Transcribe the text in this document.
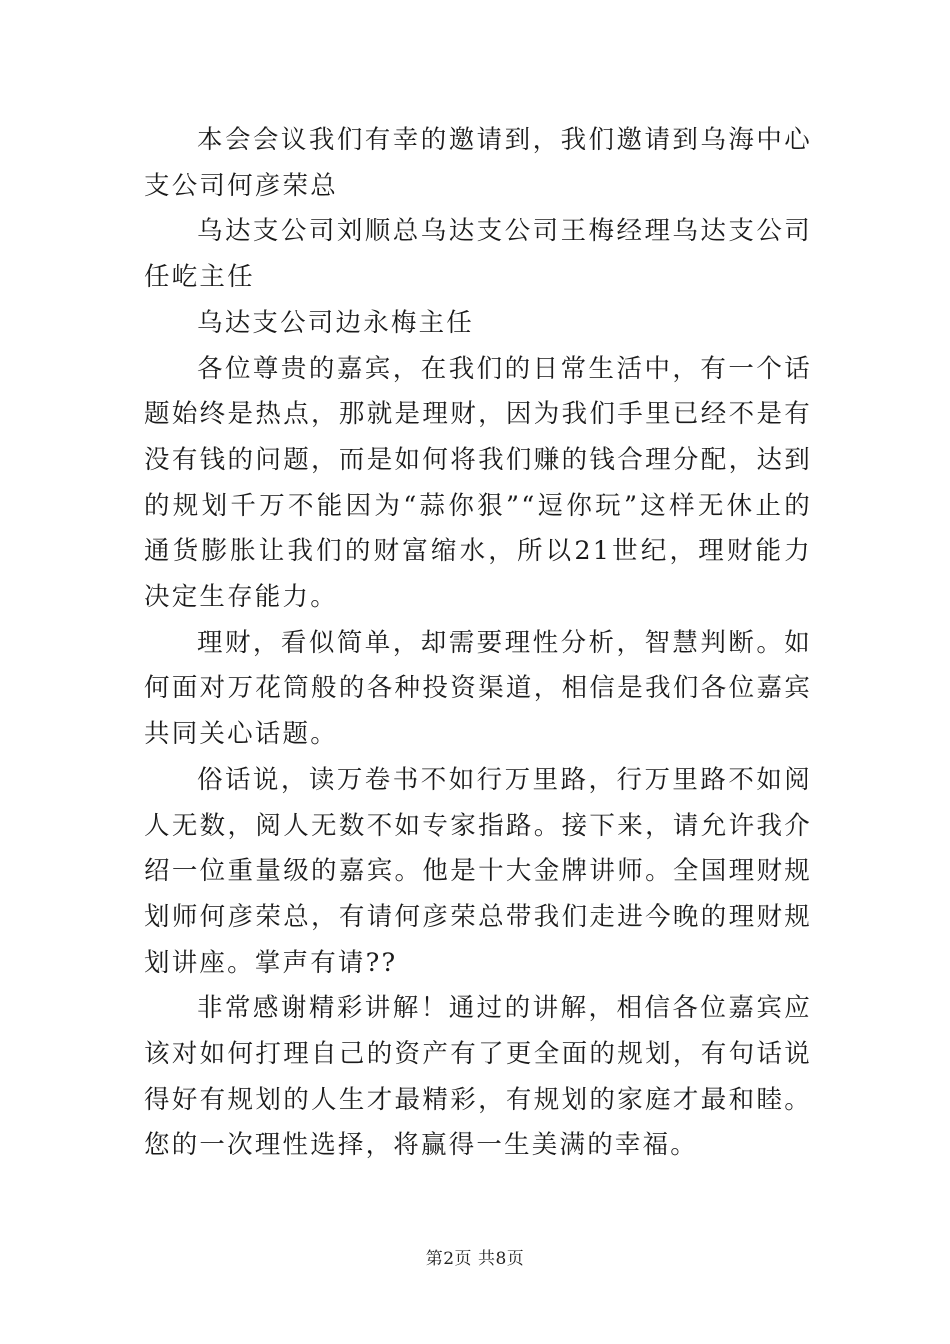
本会会议我们有幸的邀请到，我们邀请到乌海中心支公司何彦荣总

乌达支公司刘顺总乌达支公司王梅经理乌达支公司任屹主任

乌达支公司边永梅主任

各位尊贵的嘉宾，在我们的日常生活中，有一个话题始终是热点，那就是理财，因为我们手里已经不是有没有钱的问题，而是如何将我们赚的钱合理分配，达到的规划千万不能因为“蒜你狠”“逗你玩”这样无休止的通货膨胀让我们的财富缩水，所以21世纪，理财能力决定生存能力。

理财，看似简单，却需要理性分析，智慧判断。如何面对万花筒般的各种投资渠道，相信是我们各位嘉宾共同关心话题。

俗话说，读万卷书不如行万里路，行万里路不如阅人无数，阅人无数不如专家指路。接下来，请允许我介绍一位重量级的嘉宾。他是十大金牌讲师。全国理财规划师何彦荣总，有请何彦荣总带我们走进今晚的理财规划讲座。掌声有请??

非常感谢精彩讲解！通过的讲解，相信各位嘉宾应该对如何打理自己的资产有了更全面的规划，有句话说得好有规划的人生才最精彩，有规划的家庭才最和睦。您的一次理性选择，将赢得一生美满的幸福。

第2页 共8页
